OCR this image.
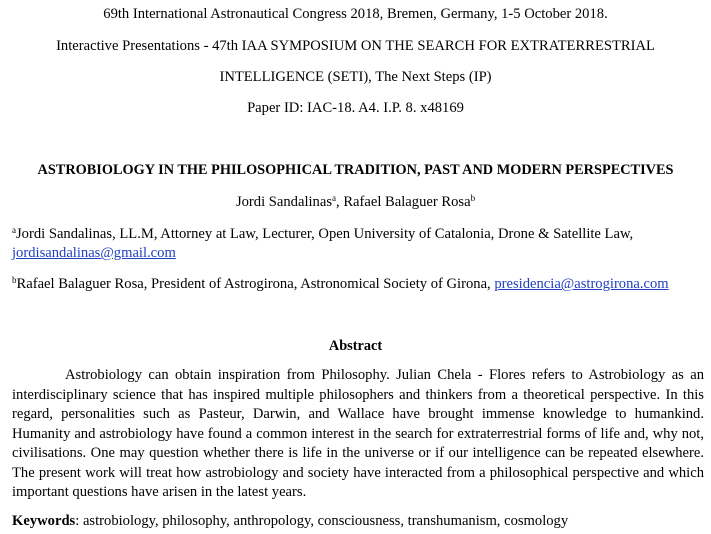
69th International Astronautical Congress 2018, Bremen, Germany, 1-5 October 2018.
Interactive Presentations - 47th IAA SYMPOSIUM ON THE SEARCH FOR EXTRATERRESTRIAL
INTELLIGENCE (SETI), The Next Steps (IP)
Paper ID: IAC-18. A4. I.P. 8. x48169
ASTROBIOLOGY IN THE PHILOSOPHICAL TRADITION, PAST AND MODERN PERSPECTIVES
Jordi Sandalinas$^a$, Rafael Balaguer Rosa$^b$
$^a$Jordi Sandalinas, LL.M, Attorney at Law, Lecturer, Open University of Catalonia, Drone & Satellite Law,
jordisandalinas@gmail.com
$^b$Rafael Balaguer Rosa, President of Astrogirona, Astronomical Society of Girona, presidencia@astrogirona.com
Abstract

Astrobiology can obtain inspiration from Philosophy. Julian Chela - Flores refers to Astrobiology as an interdisciplinary science that has inspired multiple philosophers and thinkers from a theoretical perspective. In this regard, personalities such as Pasteur, Darwin, and Wallace have brought immense knowledge to humankind. Humanity and astrobiology have found a common interest in the search for extraterrestrial forms of life and, why not, civilisations. One may question whether there is life in the universe or if our intelligence can be repeated elsewhere. The present work will treat how astrobiology and society have interacted from a philosophical perspective and which important questions have arisen in the latest years.

Keywords: astrobiology, philosophy, anthropology, consciousness, transhumanism, cosmology
